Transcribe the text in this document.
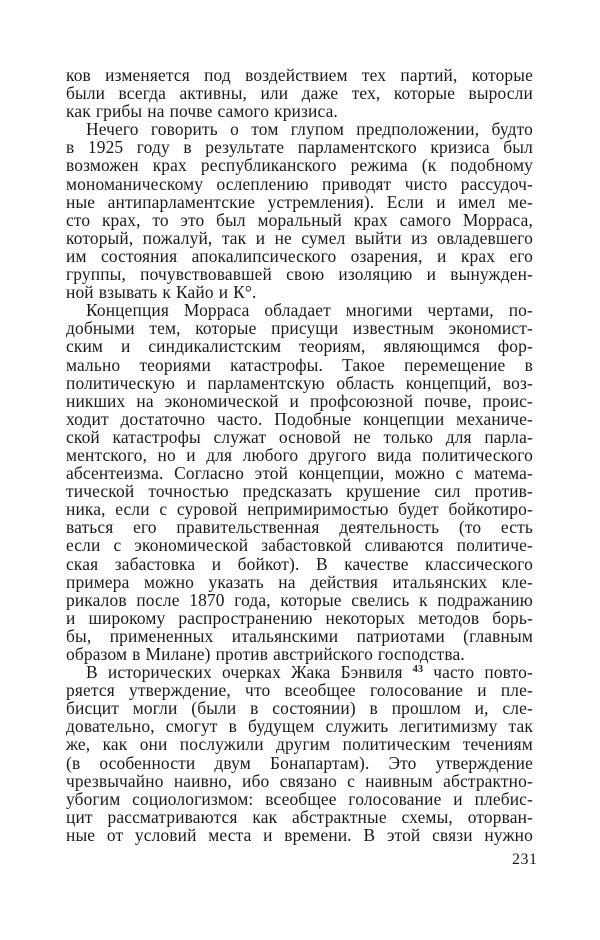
ков изменяется под воздействием тех партий, которые
были всегда активны, или даже тех, которые выросли
как грибы на почве самого кризиса.
Нечего говорить о том глупом предположении, будто
в 1925 году в результате парламентского кризиса был
возможен крах республиканского режима (к подобному
мономаническому ослеплению приводят чисто рассудоч-
ные антипарламентские устремления). Если и имел ме-
сто крах, то это был моральный крах самого Морраса,
который, пожалуй, так и не сумел выйти из овладевшего
им состояния апокалипсического озарения, и крах его
группы, почувствовавшей свою изоляцию и вынужден-
ной взывать к Кайо и К°.
Концепция Морраса обладает многими чертами, по-
добными тем, которые присущи известным экономист-
ским и синдикалистским теориям, являющимся фор-
мально теориями катастрофы. Такое перемещение в
политическую и парламентскую область концепций, воз-
никших на экономической и профсоюзной почве, проис-
ходит достаточно часто. Подобные концепции механиче-
ской катастрофы служат основой не только для парла-
ментского, но и для любого другого вида политического
абсентеизма. Согласно этой концепции, можно с матема-
тической точностью предсказать крушение сил против-
ника, если с суровой непримиримостью будет бойкотиро-
ваться его правительственная деятельность (то есть
если с экономической забастовкой сливаются политиче-
ская забастовка и бойкот). В качестве классического
примера можно указать на действия итальянских кле-
рикалов после 1870 года, которые свелись к подражанию
и широкому распространению некоторых методов борь-
бы, примененных итальянскими патриотами (главным
образом в Милане) против австрийского господства.
В исторических очерках Жака Бэнвиля $^{43}$ часто повто-
ряется утверждение, что всеобщее голосование и пле-
бисцит могли (были в состоянии) в прошлом и, сле-
довательно, смогут в будущем служить легитимизму так
же, как они послужили другим политическим течениям
(в особенности двум Бонапартам). Это утверждение
чрезвычайно наивно, ибо связано с наивным абстрактно-
убогим социологизмом: всеобщее голосование и плебис-
цит рассматриваются как абстрактные схемы, оторван-
ные от условий места и времени. В этой связи нужно
231
